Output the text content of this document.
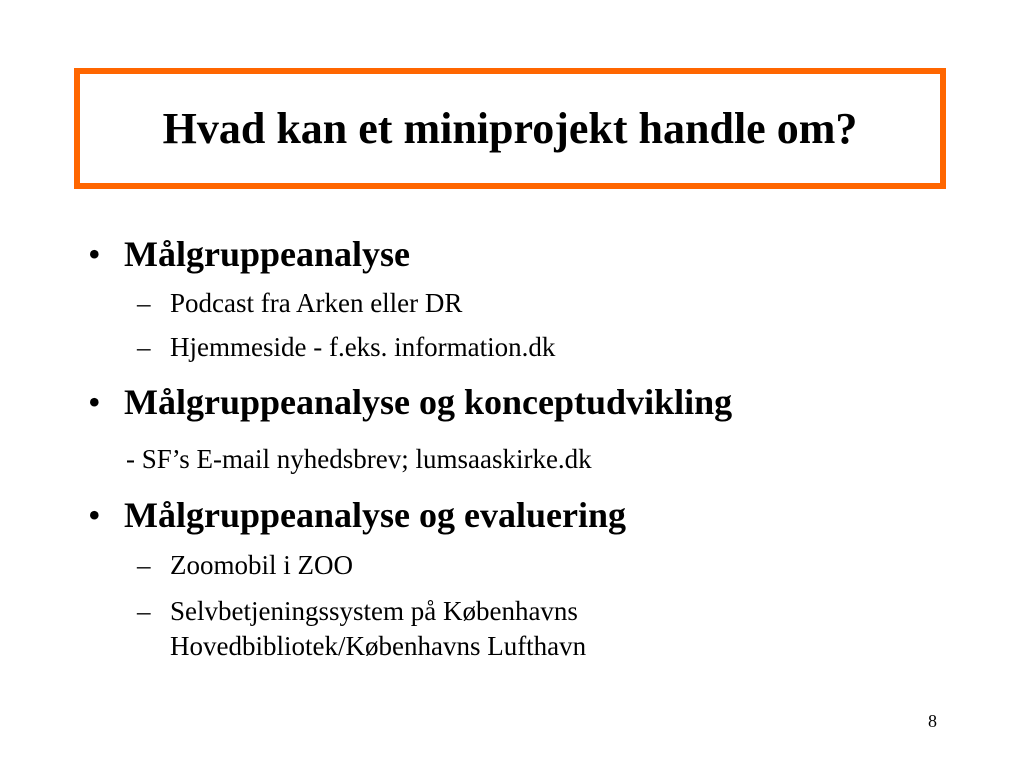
Hvad kan et miniprojekt handle om?
• Målgruppeanalyse
– Podcast fra Arken eller DR
– Hjemmeside - f.eks. information.dk
• Målgruppeanalyse og konceptudvikling
- SF’s E-mail nyhedsbrev; lumsaaskirke.dk
• Målgruppeanalyse og evaluering
– Zoomobil i ZOO
– Selvbetjeningssystem på Københavns
Hovedbibliotek/Københavns Lufthavn
8
